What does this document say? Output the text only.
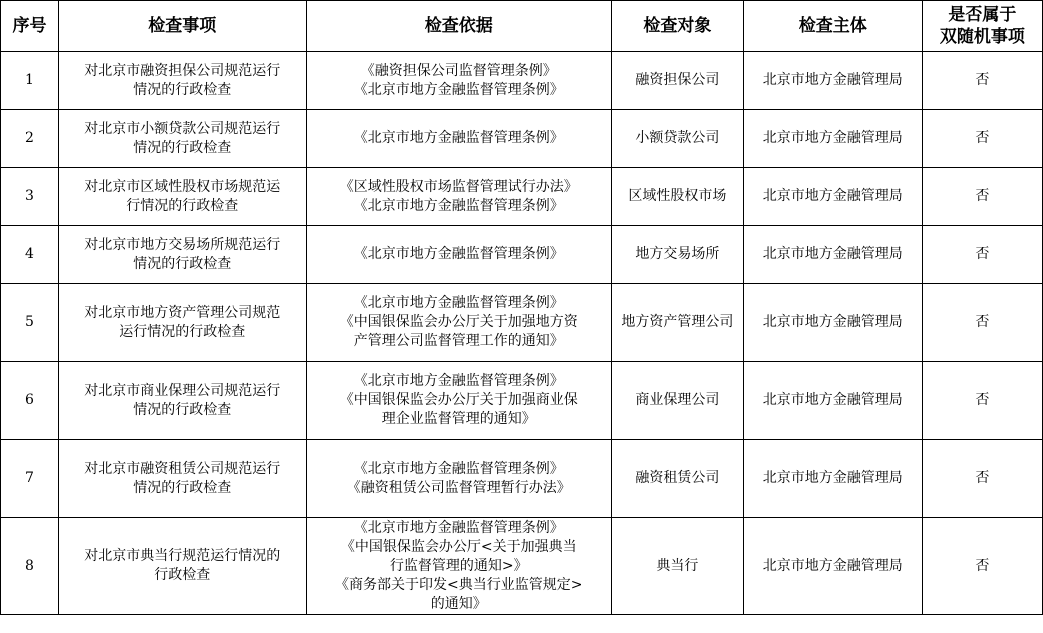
序号	检查事项	检查依据	检查对象	检查主体	是否属于
双随机事项

1	对北京市融资担保公司规范运行
情况的行政检查	《融资担保公司监督管理条例》
《北京市地方金融监督管理条例》	融资担保公司	北京市地方金融管理局	否
2	对北京市小额贷款公司规范运行
情况的行政检查	《北京市地方金融监督管理条例》	小额贷款公司	北京市地方金融管理局	否
3	对北京市区域性股权市场规范运
行情况的行政检查	《区域性股权市场监督管理试行办法》
《北京市地方金融监督管理条例》	区域性股权市场	北京市地方金融管理局	否
4	对北京市地方交易场所规范运行
情况的行政检查	《北京市地方金融监督管理条例》	地方交易场所	北京市地方金融管理局	否
5	对北京市地方资产管理公司规范
运行情况的行政检查	《北京市地方金融监督管理条例》
《中国银保监会办公厅关于加强地方资
产管理公司监督管理工作的通知》	地方资产管理公司	北京市地方金融管理局	否
6	对北京市商业保理公司规范运行
情况的行政检查	《北京市地方金融监督管理条例》
《中国银保监会办公厅关于加强商业保
理企业监督管理的通知》	商业保理公司	北京市地方金融管理局	否
7	对北京市融资租赁公司规范运行
情况的行政检查	《北京市地方金融监督管理条例》
《融资租赁公司监督管理暂行办法》	融资租赁公司	北京市地方金融管理局	否
8	对北京市典当行规范运行情况的
行政检查	《北京市地方金融监督管理条例》
《中国银保监会办公厅<关于加强典当
行监督管理的通知>》
《商务部关于印发<典当行业监管规定>
的通知》	典当行	北京市地方金融管理局	否
